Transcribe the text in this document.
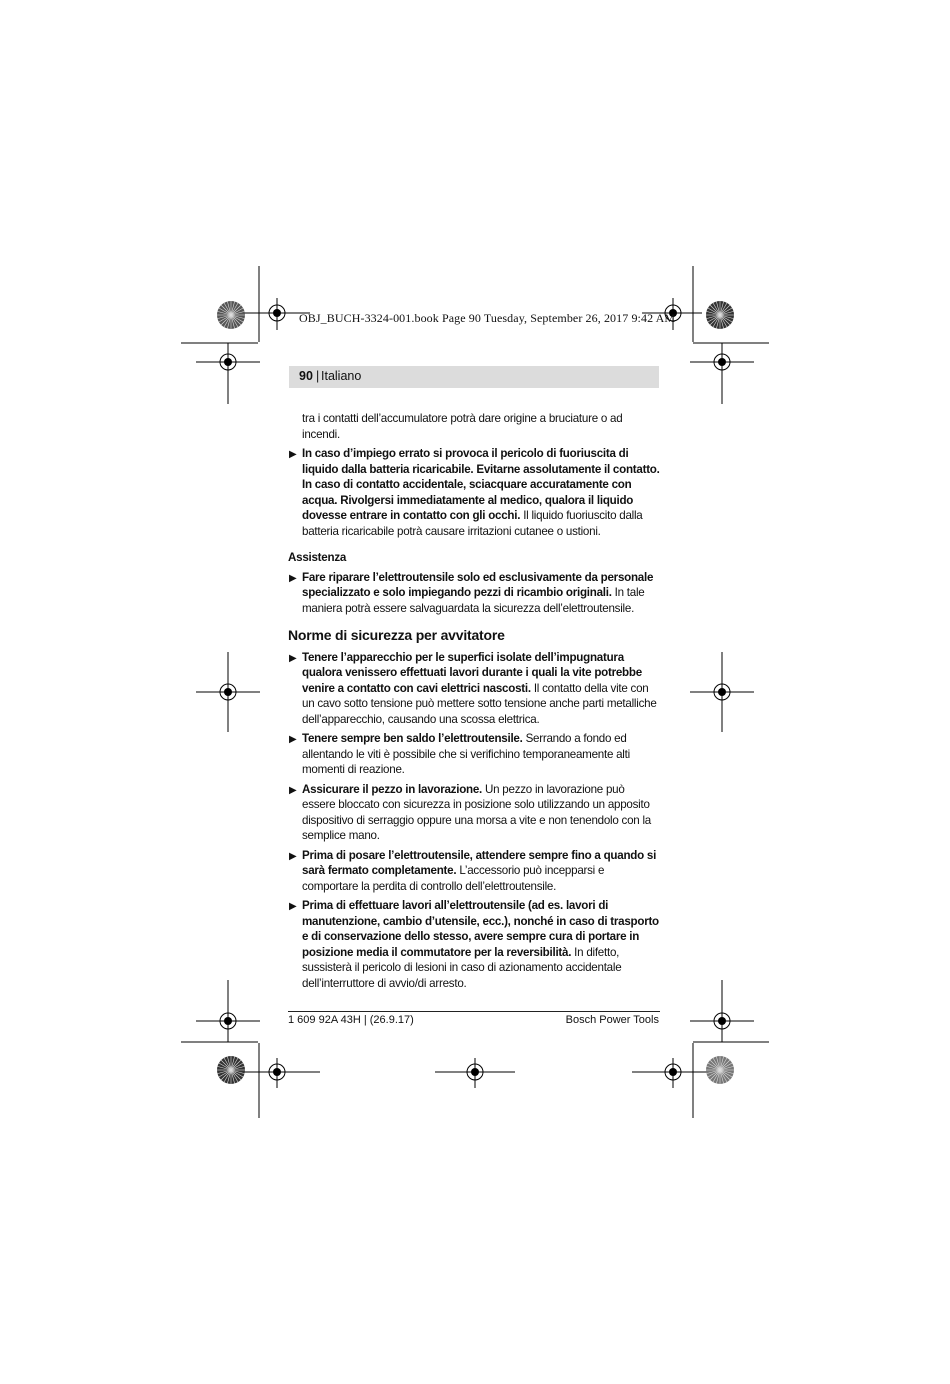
OBJ_BUCH-3324-001.book Page 90 Tuesday, September 26, 2017 9:42 AM
90 | Italiano

tra i contatti dell’accumulatore potrà dare origine a bruciature o ad incendi.

▶ In caso d’impiego errato si provoca il pericolo di fuoriuscita di liquido dalla batteria ricaricabile. Evitarne assolutamente il contatto. In caso di contatto accidentale, sciacquare accuratamente con acqua. Rivolgersi immediatamente al medico, qualora il liquido dovesse entrare in contatto con gli occhi. Il liquido fuoriuscito dalla batteria ricaricabile potrà causare irritazioni cutanee o ustioni.

Assistenza

▶ Fare riparare l’elettroutensile solo ed esclusivamente da personale specializzato e solo impiegando pezzi di ricambio originali. In tale maniera potrà essere salvaguardata la sicurezza dell’elettroutensile.

Norme di sicurezza per avvitatore

▶ Tenere l’apparecchio per le superfici isolate dell’impugnatura qualora venissero effettuati lavori durante i quali la vite potrebbe venire a contatto con cavi elettrici nascosti. Il contatto della vite con un cavo sotto tensione può mettere sotto tensione anche parti metalliche dell’apparecchio, causando una scossa elettrica.

▶ Tenere sempre ben saldo l’elettroutensile. Serrando a fondo ed allentando le viti è possibile che si verifichino temporaneamente alti momenti di reazione.

▶ Assicurare il pezzo in lavorazione. Un pezzo in lavorazione può essere bloccato con sicurezza in posizione solo utilizzando un apposito dispositivo di serraggio oppure una morsa a vite e non tenendolo con la semplice mano.

▶ Prima di posare l’elettroutensile, attendere sempre fino a quando si sarà fermato completamente. L’accessorio può incepparsi e comportare la perdita di controllo dell’elettroutensile.

▶ Prima di effettuare lavori all’elettroutensile (ad es. lavori di manutenzione, cambio d’utensile, ecc.), nonché in caso di trasporto e di conservazione dello stesso, avere sempre cura di portare in posizione media il commutatore per la reversibilità. In difetto, sussisterà il pericolo di lesioni in caso di azionamento accidentale dell’interruttore di avvio/di arresto.

1 609 92A 43H | (26.9.17)	Bosch Power Tools
